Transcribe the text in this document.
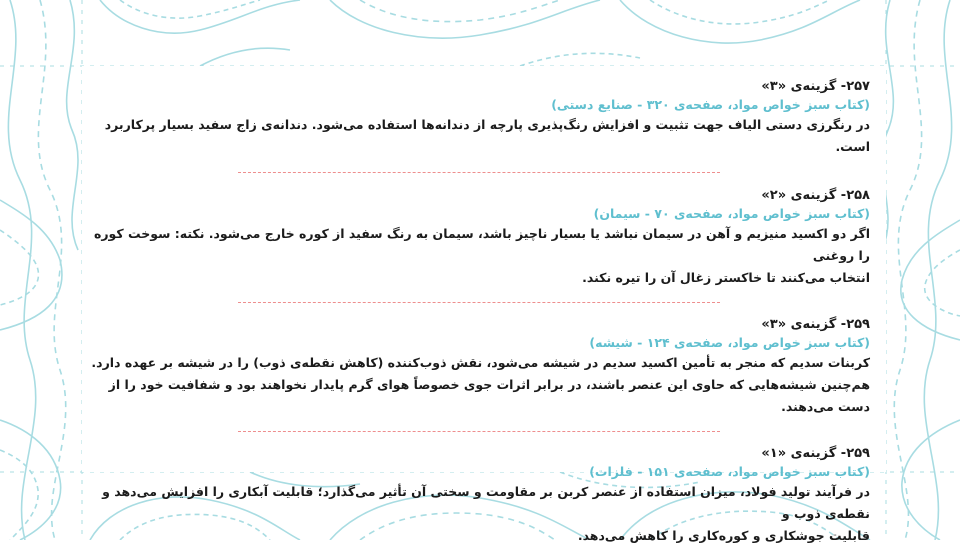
۲۵۷- گزینه‌ی «۳»
(کتاب سبز خواص مواد، صفحه‌ی ۳۲۰ - صنایع دستی)
در رنگرزی دستی الیاف جهت تثبیت و افزایش رنگ‌پذیری پارچه از دندانه‌ها استفاده می‌شود. دندانه‌ی زاج سفید بسیار پرکاربرد است.
۲۵۸- گزینه‌ی «۲»
(کتاب سبز خواص مواد، صفحه‌ی ۷۰ - سیمان)
اگر دو اکسید منیزیم و آهن در سیمان نباشد یا بسیار ناچیز باشد، سیمان به رنگ سفید از کوره خارج می‌شود. نکته: سوخت کوره را روغنی
انتخاب می‌کنند تا خاکستر زغال آن را تیره نکند.
۲۵۹- گزینه‌ی «۳»
(کتاب سبز خواص مواد، صفحه‌ی ۱۲۴ - شیشه)
کربنات سدیم که منجر به تأمین اکسید سدیم در شیشه می‌شود، نقش ذوب‌کننده (کاهش نقطه‌ی ذوب) را در شیشه بر عهده دارد.
هم‌چنین شیشه‌هایی که حاوی این عنصر باشند، در برابر اثرات جوی خصوصاً هوای گرم پایدار نخواهند بود و شفافیت خود را از دست می‌دهند.
۲۵۹- گزینه‌ی «۱»
(کتاب سبز خواص مواد، صفحه‌ی ۱۵۱ - فلزات)
در فرآیند تولید فولاد، میزان استفاده از عنصر کربن بر مقاومت و سختی آن تأثیر می‌گذارد؛ قابلیت آبکاری را افزایش می‌دهد و نقطه‌ی ذوب و
قابلیت جوشکاری و کوره‌کاری را کاهش می‌دهد.
